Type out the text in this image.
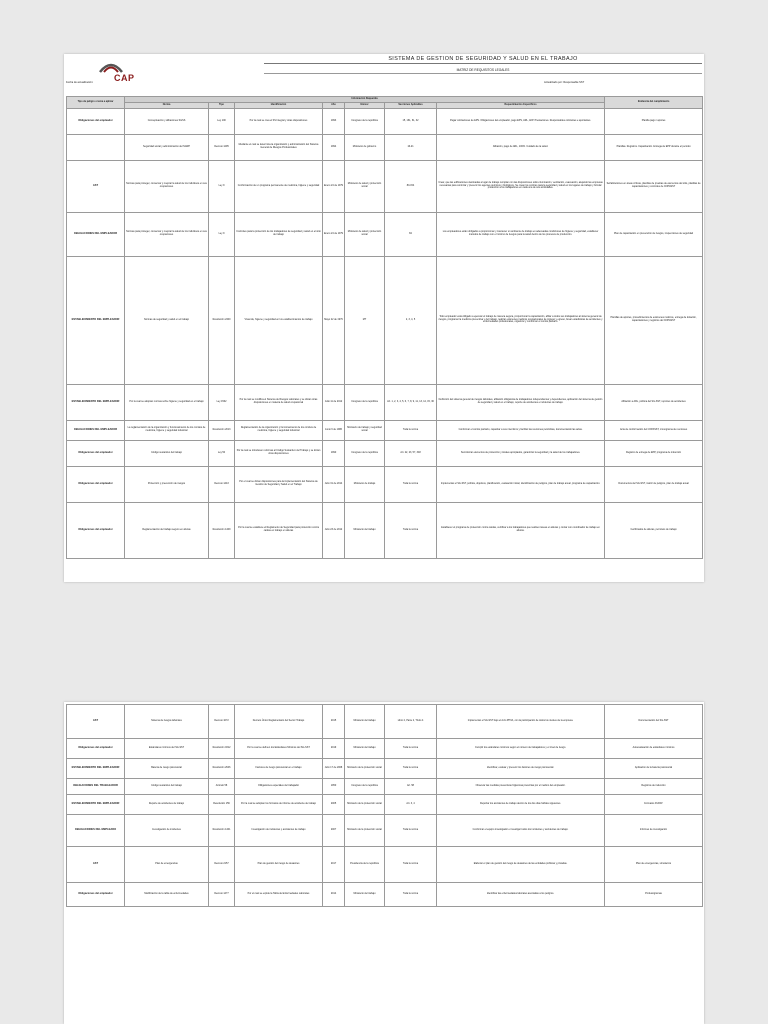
CAP
SISTEMA DE GESTION DE SEGURIDAD Y SALUD EN EL TRABAJO
MATRIZ DE REQUISITOS LEGALES
Fecha de actualización:	Actualizado por: Responsable SST
Tipo de peligro o tema a aplicar	Información Requerida							Evidencia del cumplimiento
	Norma	Tipo	Identificación	Año	Emisor	Secciones Aplicables	Requerimientos Específicos	
Obligaciones del empleador	Conceptuación y afiliaciones SGSS	Ley 100	Por la cual se crea el SS Integral y otras disposiciones	1993	Congreso de la república	15, 161, 61, 32	Pagar cotizaciones de EPS. Obligaciones del empleador, pago EPS, ARL, AFP. Prestaciones. Responsables cotizantes e aportantes.	Planilla pago / aportes
	Seguridad social y administración del SGRP	Decreto 1295	Mediante el cual se determina la organización y administración del Sistema General de Riesgos Profesionales	1994	Ministerio de gobierno	16-21	Afiliación, pago de ARL, 100%. Cuidado de la salud.	Planillas. Registros. Capacitación. Entrega de EPP durante el período
AST	Normas para proteger, conservar y mejorar la salud de los individuos en sus ocupaciones	Ley 9	Conformación de un programa permanente de medicina, higiene y seguridad	Enero 24 de 1979	Ministerio de salud y protección social	80-154	Crear, que las edificaciones destinadas a lugar de trabajo cumplan con las disposiciones sobre iluminación, ventilación, evacuación, alejando las empresas necesarias para controlar y prevenir los agentes químicos y biológicos. Se crean los comités para la seguridad y salud en los lugares de trabajo y brindar protección a los trabajadores en cada una de sus actividades.	Señalizaciones en áreas críticas, planillas de pruebas de elementos del sitio, planillas de capacitaciones y controles de COPASST
OBLIGACIONES DEL EMPLEADOR	Normas para proteger, conservar y mejorar la salud de los individuos en sus ocupaciones	Ley 9	Controles para la protección de los trabajadores de seguridad y salud en el sitio de trabajo	Enero 24 de 1979	Ministerio de salud y protección social	84	Los empleadores están obligados a proporcionar y mantener un ambiente de trabajo en adecuadas condiciones de higiene y seguridad, establecer métodos de trabajo con el mínimo de riesgos para la salud dentro de los procesos de producción.	Plan de capacitación en prevención de riesgos, inspecciones de seguridad
ESTABLECIMIENTO DEL EMPLEADOR	Normas de seguridad y salud en el trabajo	Resolución 2400	Vivienda, higiene y seguridad en los establecimientos de trabajo	Mayo 22 de 1979	MT	2, 3, 4, 5	Todo empleador está obligado a ejecutar el trabajo de manera segura, proporcionar la capacitación, afiliar a todos sus trabajadores al sistema general de riesgos, programar la medicina preventiva y del trabajo, realizar exámenes médicos ocupacionales de ingreso y egreso, llevar estadísticas de accidentes y enfermedades profesionales, organizar y conformar el comité paritario.	Planillas de aportes, procedimientos de exámenes médicos, entrega de dotación, capacitaciones y registros del COPASST
ESTABLECIMIENTO DEL EMPLEADOR	Por la cual se adoptan normas sobre higiene y seguridad en el trabajo	Ley 1562	Por la cual se modifica el Sistema de Riesgos Laborales y se dictan otras disposiciones en materia de salud ocupacional	Julio 11 de 2012	Congreso de la república	Art. 1, 2, 3, 4, 5, 6, 7, 8, 9, 11, 13, 14, 15, 30	Definición del sistema general de riesgos laborales, afiliación obligatoria de trabajadores independientes y dependientes, aplicación del sistema de gestión de seguridad y salud en el trabajo, reporte de accidentes e incidentes de trabajo.	Afiliación a ARL, política del SG-SST, reportes de accidentes
OBLIGACIONES DEL EMPLEADOR	La reglamentación de la organización y funcionamiento de los comités de medicina, higiene y seguridad industrial	Resolución 2013	Reglamentación de la organización y funcionamiento de los comités de medicina, higiene y seguridad industrial	Junio 6 de 1986	Ministerio de trabajo y seguridad social	Toda la norma	Conformar el comité paritario, capacitar a sus miembros y facilitar las reuniones periódicas, documentando las actas.	Acta de conformación del COPASST, cronograma de reuniones
Obligaciones del empleador	Código sustantivo del trabajo	Ley 50	Por la cual se introducen reformas al Código Sustantivo del Trabajo y se dictan otras disposiciones	1990	Congreso de la república	Art. 22, 23, 57, 348	Suministrar elementos de protección y locales apropiados, garantizar la seguridad y la salud de los trabajadores.	Registro de entrega de EPP, programa de inducción
Obligaciones del empleador	Protección y prevención de riesgos	Decreto 1443	Por el cual se dictan disposiciones para la implementación del Sistema de Gestión de Seguridad y Salud en el Trabajo	Julio 31 de 2014	Ministerio de trabajo	Toda la norma	Implementar el SG-SST, política, objetivos, planificación, evaluación inicial, identificación de peligros, plan de trabajo anual, programa de capacitación.	Documentos del SG-SST, matriz de peligros, plan de trabajo anual
Obligaciones del empleador	Reglamentación del trabajo seguro en alturas	Resolución 1409	Por la cual se establece el Reglamento de Seguridad para protección contra caídas en trabajo en alturas	Julio 23 de 2012	Ministerio del trabajo	Toda la norma	Establecer el programa de protección contra caídas, certificar a los trabajadores que realicen tareas en alturas y contar con coordinador de trabajo en alturas.	Certificados de alturas, permisos de trabajo
AST	Sistema de riesgos laborales	Decreto 1072	Decreto Único Reglamentario del Sector Trabajo	2015	Ministerio del trabajo	Libro 2, Parte 2, Título 4	Implementar el SG-SST bajo el ciclo PHVA, con la participación de todos los niveles de la empresa.	Documentación del SG-SST
Obligaciones del empleador	Estándares mínimos del SG-SST	Resolución 0312	Por la cual se definen los Estándares Mínimos del SG-SST	2019	Ministerio del trabajo	Toda la norma	Cumplir los estándares mínimos según el número de trabajadores y el nivel de riesgo.	Autoevaluación de estándares mínimos
ESTABLECIMIENTO DEL EMPLEADOR	Batería de riesgo psicosocial	Resolución 2646	Factores de riesgo psicosocial en el trabajo	Julio 17 de 2008	Ministerio de la protección social	Toda la norma	Identificar, evaluar y prevenir los factores de riesgo psicosocial.	Aplicación de la batería psicosocial
OBLIGACIONES DEL TRABAJADOR	Código sustantivo del trabajo	Artículo 58	Obligaciones especiales del trabajador	1950	Congreso de la república	Art. 58	Observar las medidas preventivas higiénicas prescritas por el médico del empleador.	Registros de inducción
ESTABLECIMIENTO DEL EMPLEADOR	Reporte de accidentes de trabajo	Resolución 156	Por la cual se adoptan los formatos de informe de accidente de trabajo	2005	Ministerio de la protección social	Art. 3, 4	Reportar los accidentes de trabajo dentro de los dos días hábiles siguientes.	Formatos FURAT
OBLIGACIONES DEL EMPLEADO	Investigación de incidentes	Resolución 1401	Investigación de incidentes y accidentes de trabajo	2007	Ministerio de la protección social	Toda la norma	Conformar el equipo investigador e investigar todos los incidentes y accidentes de trabajo.	Informes de investigación
AST	Plan de emergencias	Decreto 2157	Plan de gestión del riesgo de desastres	2017	Presidencia de la república	Toda la norma	Elaborar el plan de gestión del riesgo de desastres de las entidades públicas y privadas.	Plan de emergencias, simulacros
Obligaciones del empleador	Modificación de la tabla de enfermedades	Decreto 1477	Por el cual se expide la Tabla de Enfermedades Laborales	2014	Ministerio del trabajo	Toda la norma	Identificar las enfermedades laborales asociadas a los peligros.	Profesiogramas
